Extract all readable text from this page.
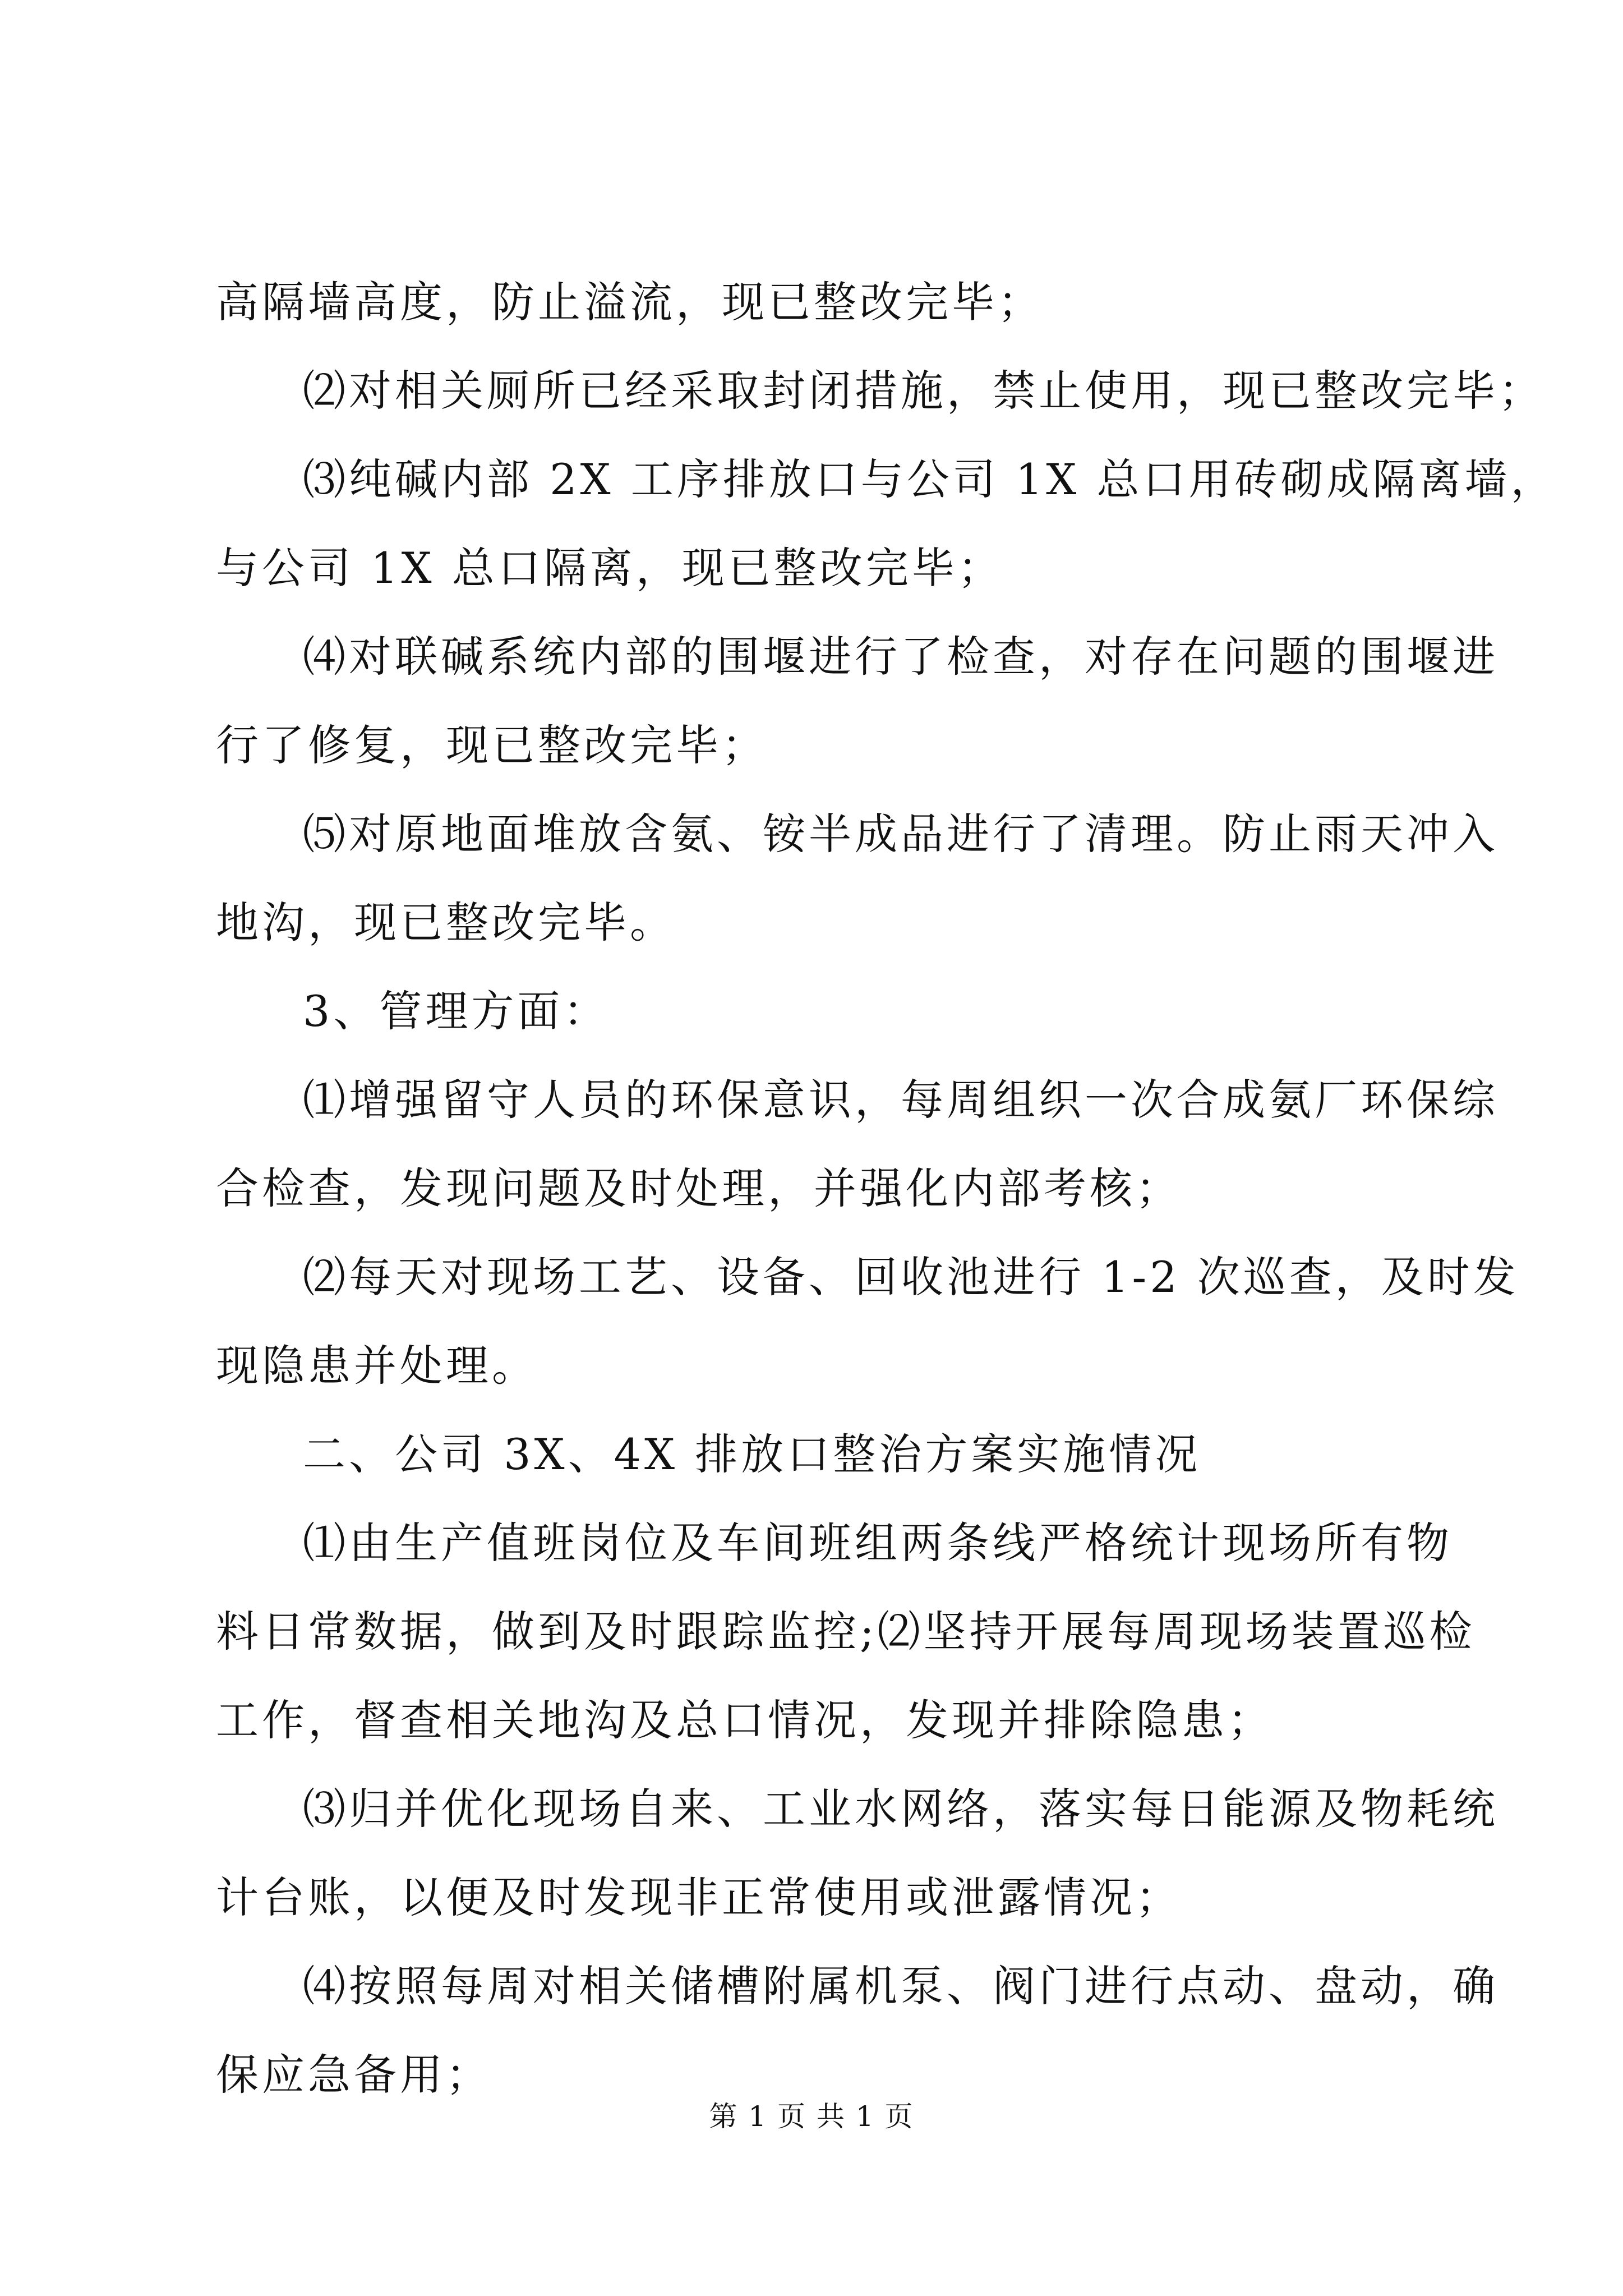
高隔墙高度，防止溢流，现已整改完毕；
⑵对相关厕所已经采取封闭措施，禁止使用，现已整改完毕；
⑶纯碱内部 2X 工序排放口与公司 1X 总口用砖砌成隔离墙，
与公司 1X 总口隔离，现已整改完毕；
⑷对联碱系统内部的围堰进行了检查，对存在问题的围堰进
行了修复，现已整改完毕；
⑸对原地面堆放含氨、铵半成品进行了清理。防止雨天冲入
地沟，现已整改完毕。
3、管理方面：
⑴增强留守人员的环保意识，每周组织一次合成氨厂环保综
合检查，发现问题及时处理，并强化内部考核；
⑵每天对现场工艺、设备、回收池进行 1-2 次巡查，及时发
现隐患并处理。
二、公司 3X、4X 排放口整治方案实施情况
⑴由生产值班岗位及车间班组两条线严格统计现场所有物
料日常数据，做到及时跟踪监控;⑵坚持开展每周现场装置巡检
工作，督查相关地沟及总口情况，发现并排除隐患；
⑶归并优化现场自来、工业水网络，落实每日能源及物耗统
计台账，以便及时发现非正常使用或泄露情况；
⑷按照每周对相关储槽附属机泵、阀门进行点动、盘动，确
保应急备用；
第 1 页 共 1 页
